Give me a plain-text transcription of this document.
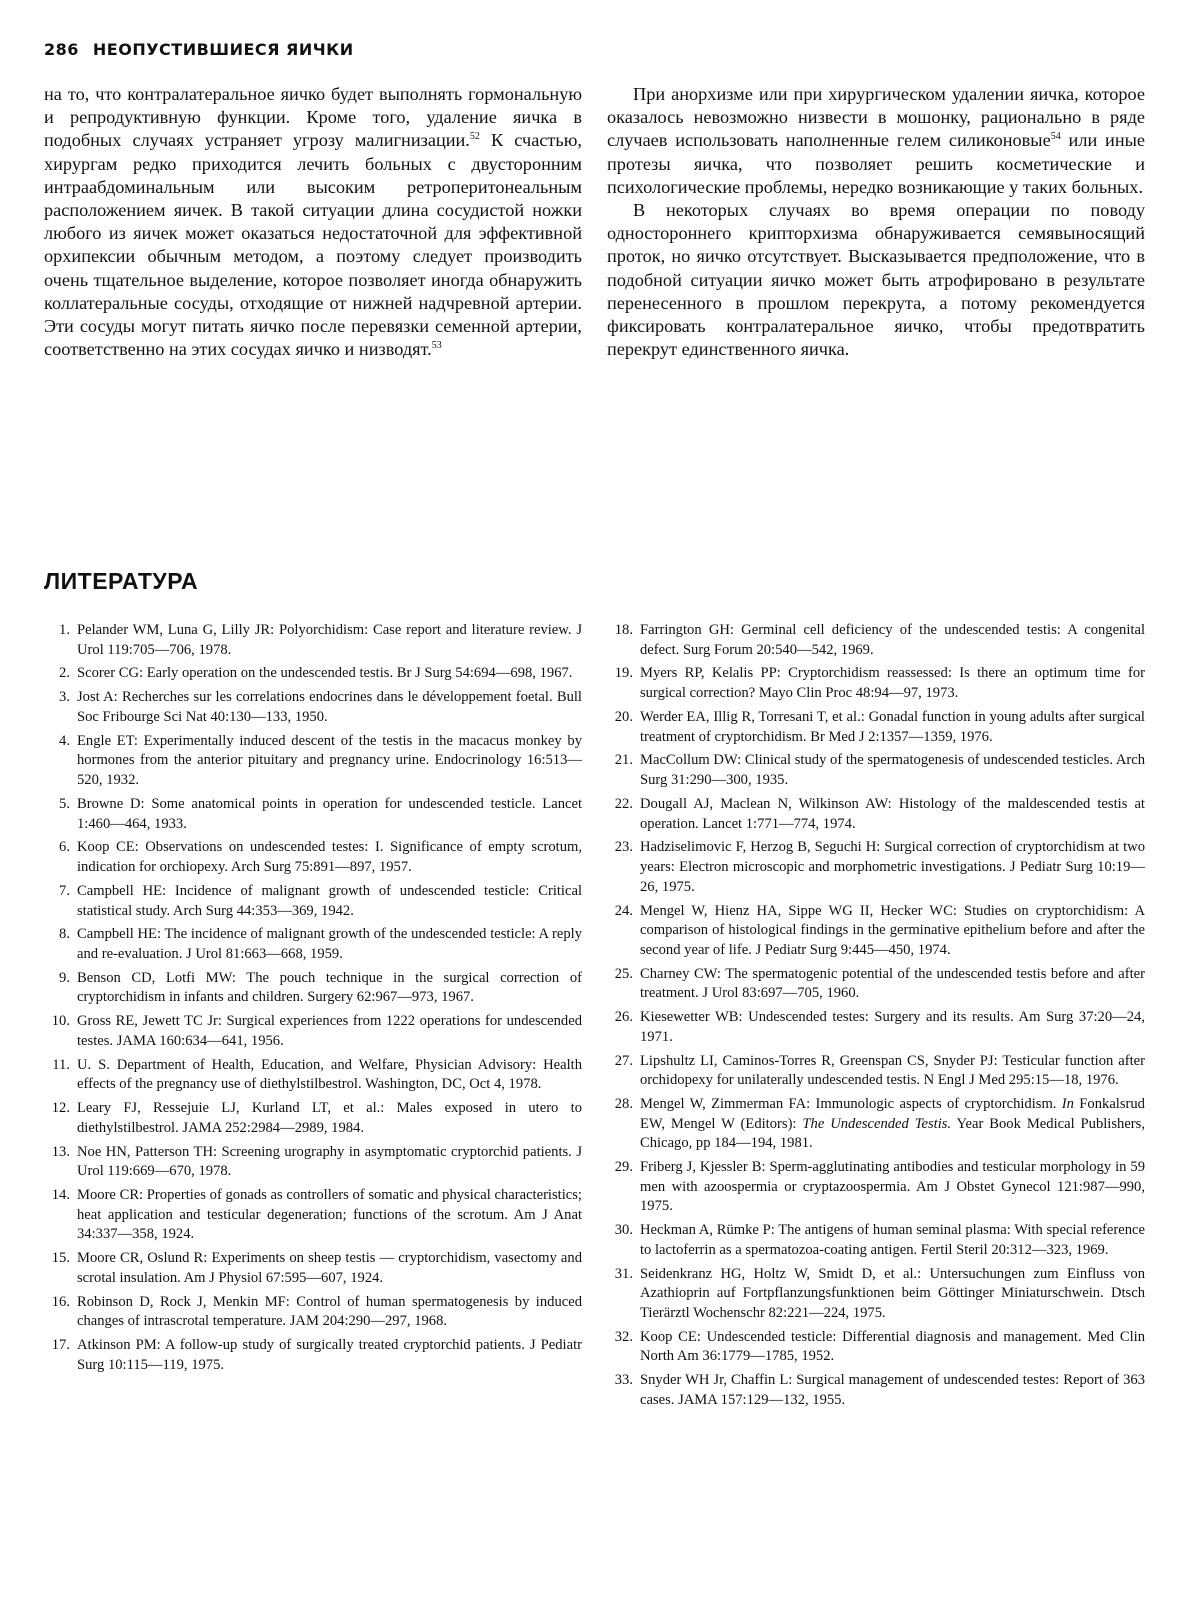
286 НЕОПУСТИВШИЕСЯ ЯИЧКИ

на то, что контралатеральное яичко будет выполнять гормональную и репродуктивную функции. Кроме того, удаление яичка в подобных случаях устраняет угрозу малигнизации.$^{52}$ К счастью, хирургам редко приходится лечить больных с двусторонним интраабдоминальным или высоким ретроперитонеальным расположением яичек. В такой ситуации длина сосудистой ножки любого из яичек может оказаться недостаточной для эффективной орхипексии обычным методом, а поэтому следует производить очень тщательное выделение, которое позволяет иногда обнаружить коллатеральные сосуды, отходящие от нижней надчревной артерии. Эти сосуды могут питать яичко после перевязки семенной артерии, соответственно на этих сосудах яичко и низводят.$^{53}$

При анорхизме или при хирургическом удалении яичка, которое оказалось невозможно низвести в мошонку, рационально в ряде случаев использовать наполненные гелем силиконовые$^{54}$ или иные протезы яичка, что позволяет решить косметические и психологические проблемы, нередко возникающие у таких больных.

В некоторых случаях во время операции по поводу одностороннего крипторхизма обнаруживается семявыносящий проток, но яичко отсутствует. Высказывается предположение, что в подобной ситуации яичко может быть атрофировано в результате перенесенного в прошлом перекрута, а потому рекомендуется фиксировать контралатеральное яичко, чтобы предотвратить перекрут единственного яичка.

ЛИТЕРАТУРА
1. Pelander WM, Luna G, Lilly JR: Polyorchidism: Case report and literature review. J Urol 119:705—706, 1978.
2. Scorer CG: Early operation on the undescended testis. Br J Surg 54:694—698, 1967.
3. Jost A: Recherches sur les correlations endocrines dans le développement foetal. Bull Soc Fribourge Sci Nat 40:130—133, 1950.
4. Engle ET: Experimentally induced descent of the testis in the macacus monkey by hormones from the anterior pituitary and pregnancy urine. Endocrinology 16:513—520, 1932.
5. Browne D: Some anatomical points in operation for undescended testicle. Lancet 1:460—464, 1933.
6. Koop CE: Observations on undescended testes: I. Significance of empty scrotum, indication for orchiopexy. Arch Surg 75:891—897, 1957.
7. Campbell HE: Incidence of malignant growth of undescended testicle: Critical statistical study. Arch Surg 44:353—369, 1942.
8. Campbell HE: The incidence of malignant growth of the undescended testicle: A reply and re-evaluation. J Urol 81:663—668, 1959.
9. Benson CD, Lotfi MW: The pouch technique in the surgical correction of cryptorchidism in infants and children. Surgery 62:967—973, 1967.
10. Gross RE, Jewett TC Jr: Surgical experiences from 1222 operations for undescended testes. JAMA 160:634—641, 1956.
11. U. S. Department of Health, Education, and Welfare, Physician Advisory: Health effects of the pregnancy use of diethylstilbestrol. Washington, DC, Oct 4, 1978.
12. Leary FJ, Ressejuie LJ, Kurland LT, et al.: Males exposed in utero to diethylstilbestrol. JAMA 252:2984—2989, 1984.
13. Noe HN, Patterson TH: Screening urography in asymptomatic cryptorchid patients. J Urol 119:669—670, 1978.
14. Moore CR: Properties of gonads as controllers of somatic and physical characteristics; heat application and testicular degeneration; functions of the scrotum. Am J Anat 34:337—358, 1924.
15. Moore CR, Oslund R: Experiments on sheep testis — cryptorchidism, vasectomy and scrotal insulation. Am J Physiol 67:595—607, 1924.
16. Robinson D, Rock J, Menkin MF: Control of human spermatogenesis by induced changes of intrascrotal temperature. JAM 204:290—297, 1968.
17. Atkinson PM: A follow-up study of surgically treated cryptorchid patients. J Pediatr Surg 10:115—119, 1975.
18. Farrington GH: Germinal cell deficiency of the undescended testis: A congenital defect. Surg Forum 20:540—542, 1969.
19. Myers RP, Kelalis PP: Cryptorchidism reassessed: Is there an optimum time for surgical correction? Mayo Clin Proc 48:94—97, 1973.
20. Werder EA, Illig R, Torresani T, et al.: Gonadal function in young adults after surgical treatment of cryptorchidism. Br Med J 2:1357—1359, 1976.
21. MacCollum DW: Clinical study of the spermatogenesis of undescended testicles. Arch Surg 31:290—300, 1935.
22. Dougall AJ, Maclean N, Wilkinson AW: Histology of the maldescended testis at operation. Lancet 1:771—774, 1974.
23. Hadziselimovic F, Herzog B, Seguchi H: Surgical correction of cryptorchidism at two years: Electron microscopic and morphometric investigations. J Pediatr Surg 10:19—26, 1975.
24. Mengel W, Hienz HA, Sippe WG II, Hecker WC: Studies on cryptorchidism: A comparison of histological findings in the germinative epithelium before and after the second year of life. J Pediatr Surg 9:445—450, 1974.
25. Charney CW: The spermatogenic potential of the undescended testis before and after treatment. J Urol 83:697—705, 1960.
26. Kiesewetter WB: Undescended testes: Surgery and its results. Am Surg 37:20—24, 1971.
27. Lipshultz LI, Caminos-Torres R, Greenspan CS, Snyder PJ: Testicular function after orchidopexy for unilaterally undescended testis. N Engl J Med 295:15—18, 1976.
28. Mengel W, Zimmerman FA: Immunologic aspects of cryptorchidism. In Fonkalsrud EW, Mengel W (Editors): The Undescended Testis. Year Book Medical Publishers, Chicago, pp 184—194, 1981.
29. Friberg J, Kjessler B: Sperm-agglutinating antibodies and testicular morphology in 59 men with azoospermia or cryptazoospermia. Am J Obstet Gynecol 121:987—990, 1975.
30. Heckman A, Rümke P: The antigens of human seminal plasma: With special reference to lactoferrin as a spermatozoa-coating antigen. Fertil Steril 20:312—323, 1969.
31. Seidenkranz HG, Holtz W, Smidt D, et al.: Untersuchungen zum Einfluss von Azathioprin auf Fortpflanzungsfunktionen beim Göttinger Miniaturschwein. Dtsch Tierärztl Wochenschr 82:221—224, 1975.
32. Koop CE: Undescended testicle: Differential diagnosis and management. Med Clin North Am 36:1779—1785, 1952.
33. Snyder WH Jr, Chaffin L: Surgical management of undescended testes: Report of 363 cases. JAMA 157:129—132, 1955.
